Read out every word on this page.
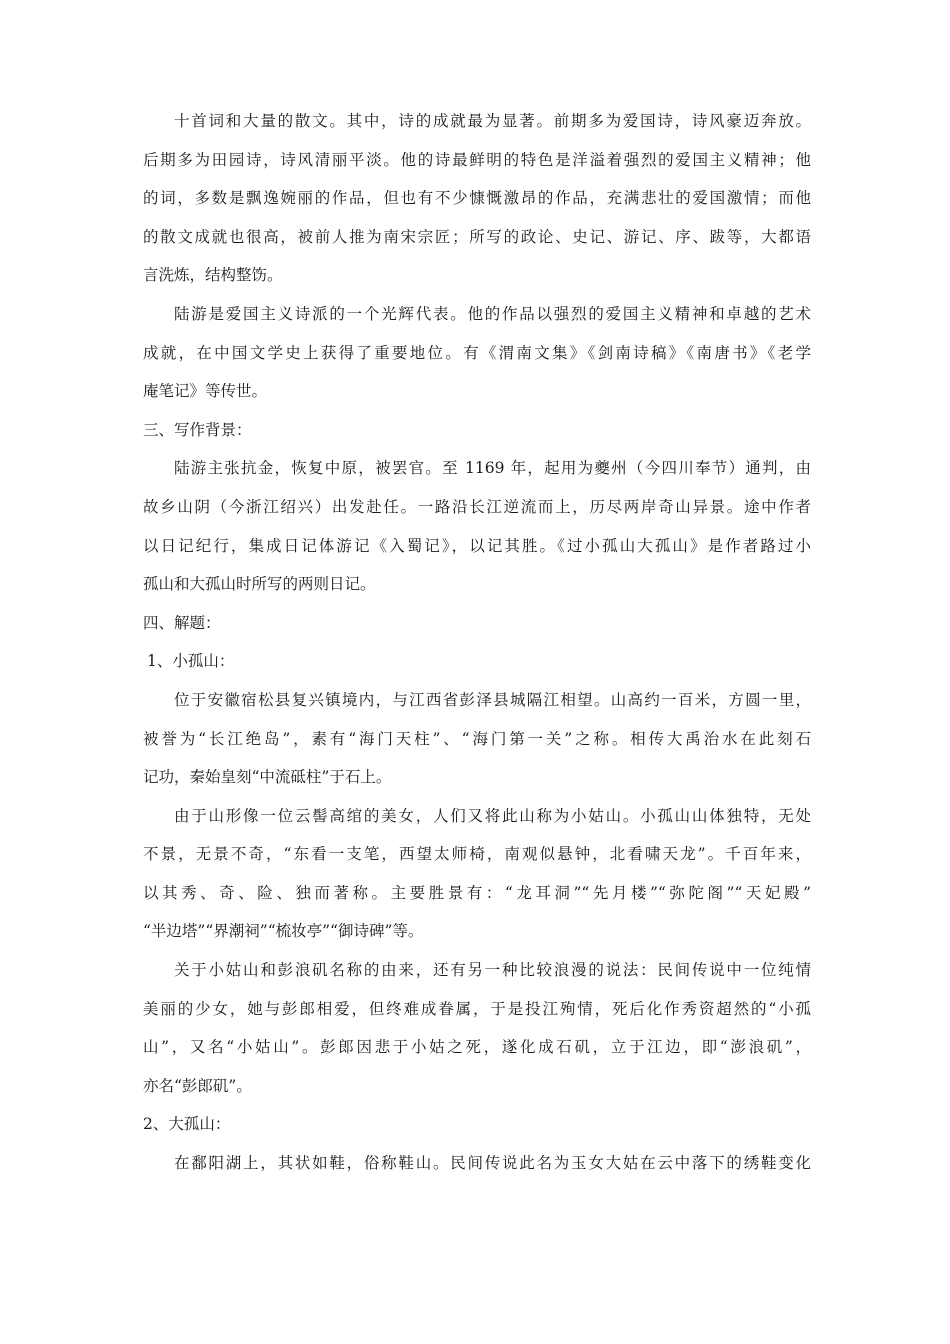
十首词和大量的散文。其中，诗的成就最为显著。前期多为爱国诗，诗风豪迈奔放。
后期多为田园诗，诗风清丽平淡。他的诗最鲜明的特色是洋溢着强烈的爱国主义精神；他
的词，多数是飘逸婉丽的作品，但也有不少慷慨激昂的作品，充满悲壮的爱国激情；而他
的散文成就也很高，被前人推为南宋宗匠；所写的政论、史记、游记、序、跋等，大都语
言洗炼，结构整饬。
陆游是爱国主义诗派的一个光辉代表。他的作品以强烈的爱国主义精神和卓越的艺术
成就，在中国文学史上获得了重要地位。有《渭南文集》《剑南诗稿》《南唐书》《老学
庵笔记》等传世。
三、写作背景：
陆游主张抗金，恢复中原，被罢官。至 1169 年，起用为夔州（今四川奉节）通判，由
故乡山阴（今浙江绍兴）出发赴任。一路沿长江逆流而上，历尽两岸奇山异景。途中作者
以日记纪行，集成日记体游记《入蜀记》，以记其胜。《过小孤山大孤山》是作者路过小
孤山和大孤山时所写的两则日记。
四、解题：
1、小孤山：
位于安徽宿松县复兴镇境内，与江西省彭泽县城隔江相望。山高约一百米，方圆一里，
被誉为“长江绝岛”，素有“海门天柱”、“海门第一关”之称。相传大禹治水在此刻石
记功，秦始皇刻“中流砥柱”于石上。
由于山形像一位云髻高绾的美女，人们又将此山称为小姑山。小孤山山体独特，无处
不景，无景不奇，“东看一支笔，西望太师椅，南观似悬钟，北看啸天龙”。千百年来，
以其秀、奇、险、独而著称。主要胜景有：“龙耳洞”“先月楼”“弥陀阁”“天妃殿”
“半边塔”“界潮祠”“梳妆亭”“御诗碑”等。
关于小姑山和彭浪矶名称的由来，还有另一种比较浪漫的说法：民间传说中一位纯情
美丽的少女，她与彭郎相爱，但终难成眷属，于是投江殉情，死后化作秀资超然的“小孤
山”，又名“小姑山”。彭郎因悲于小姑之死，遂化成石矶，立于江边，即“澎浪矶”，
亦名“彭郎矶”。
2、大孤山：
在鄱阳湖上，其状如鞋，俗称鞋山。民间传说此名为玉女大姑在云中落下的绣鞋变化
